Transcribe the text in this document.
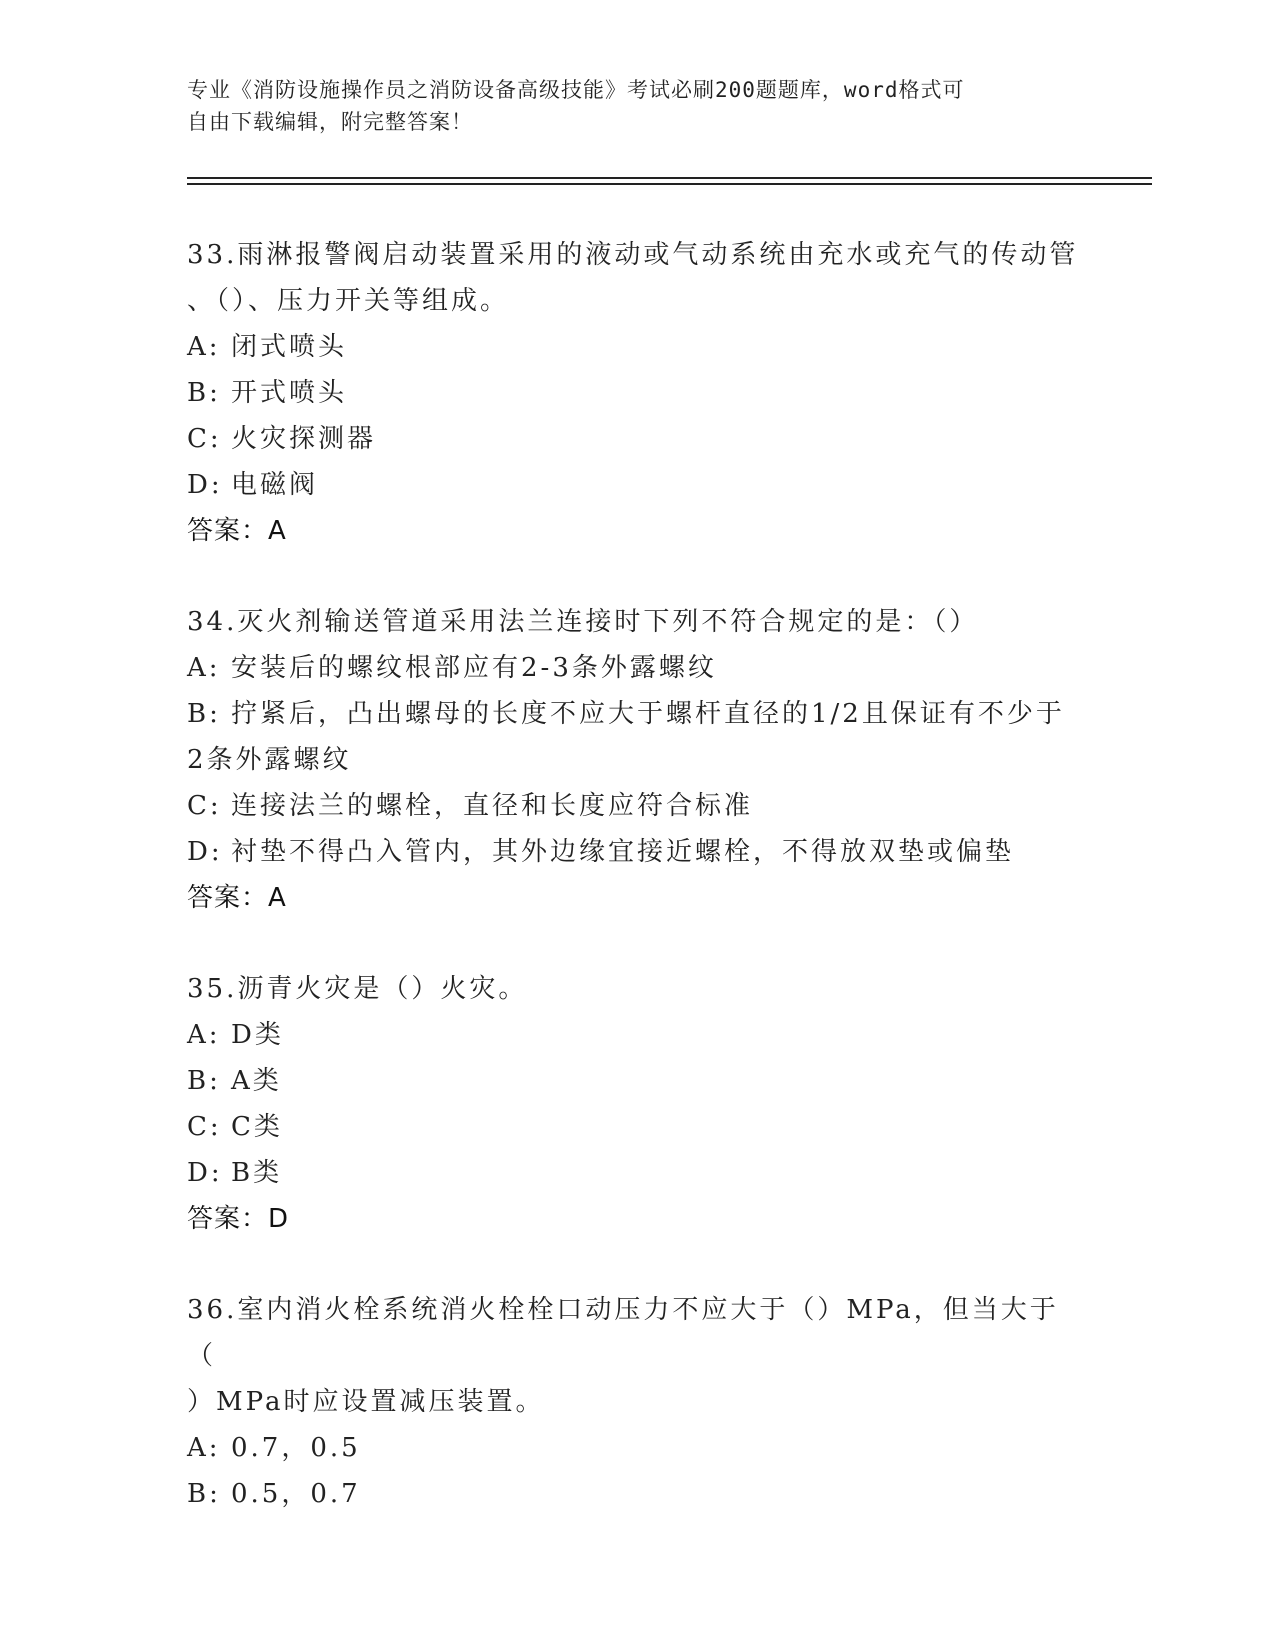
专业《消防设施操作员之消防设备高级技能》考试必刷200题题库，word格式可
自由下载编辑，附完整答案！
33.雨淋报警阀启动装置采用的液动或气动系统由充水或充气的传动管
、（）、压力开关等组成。
A: 闭式喷头
B: 开式喷头
C: 火灾探测器
D: 电磁阀
答案：A
34.灭火剂输送管道采用法兰连接时下列不符合规定的是：（）
A: 安装后的螺纹根部应有2-3条外露螺纹
B: 拧紧后，凸出螺母的长度不应大于螺杆直径的1/2且保证有不少于
2条外露螺纹
C: 连接法兰的螺栓，直径和长度应符合标准
D: 衬垫不得凸入管内，其外边缘宜接近螺栓，不得放双垫或偏垫
答案：A
35.沥青火灾是（）火灾。
A: D类
B: A类
C: C类
D: B类
答案：D
36.室内消火栓系统消火栓栓口动压力不应大于（）MPa，但当大于（
）MPa时应设置减压装置。
A: 0.7，0.5
B: 0.5，0.7
